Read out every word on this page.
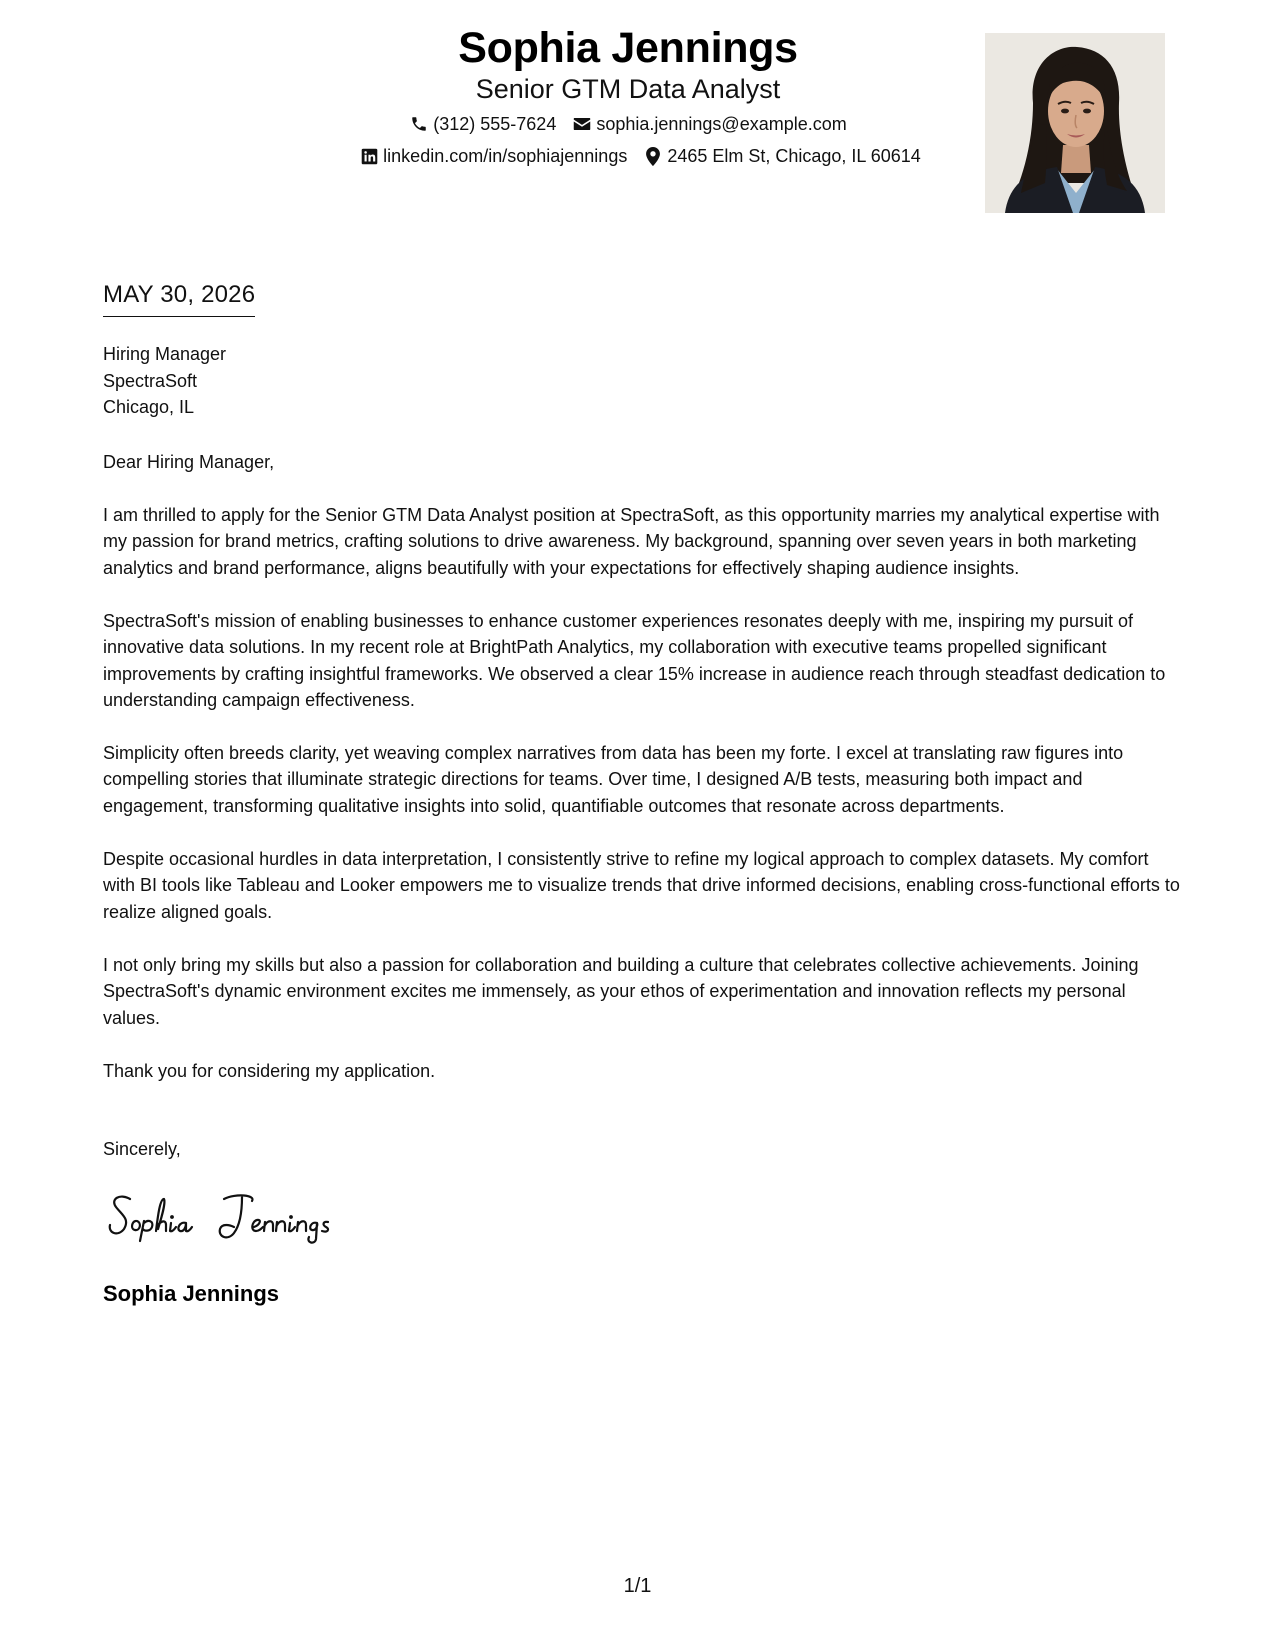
Sophia Jennings
Senior GTM Data Analyst
(312) 555-7624 sophia.jennings@example.com
linkedin.com/in/sophiajennings 2465 Elm St, Chicago, IL 60614
MAY 30, 2026
Hiring Manager
SpectraSoft
Chicago, IL
Dear Hiring Manager,
I am thrilled to apply for the Senior GTM Data Analyst position at SpectraSoft, as this opportunity marries my analytical expertise with my passion for brand metrics, crafting solutions to drive awareness. My background, spanning over seven years in both marketing analytics and brand performance, aligns beautifully with your expectations for effectively shaping audience insights.
SpectraSoft's mission of enabling businesses to enhance customer experiences resonates deeply with me, inspiring my pursuit of innovative data solutions. In my recent role at BrightPath Analytics, my collaboration with executive teams propelled significant improvements by crafting insightful frameworks. We observed a clear 15% increase in audience reach through steadfast dedication to understanding campaign effectiveness.
Simplicity often breeds clarity, yet weaving complex narratives from data has been my forte. I excel at translating raw figures into compelling stories that illuminate strategic directions for teams. Over time, I designed A/B tests, measuring both impact and engagement, transforming qualitative insights into solid, quantifiable outcomes that resonate across departments.
Despite occasional hurdles in data interpretation, I consistently strive to refine my logical approach to complex datasets. My comfort with BI tools like Tableau and Looker empowers me to visualize trends that drive informed decisions, enabling cross-functional efforts to realize aligned goals.
I not only bring my skills but also a passion for collaboration and building a culture that celebrates collective achievements. Joining SpectraSoft's dynamic environment excites me immensely, as your ethos of experimentation and innovation reflects my personal values.
Thank you for considering my application.
Sincerely,
Sophia Jennings
1/1
